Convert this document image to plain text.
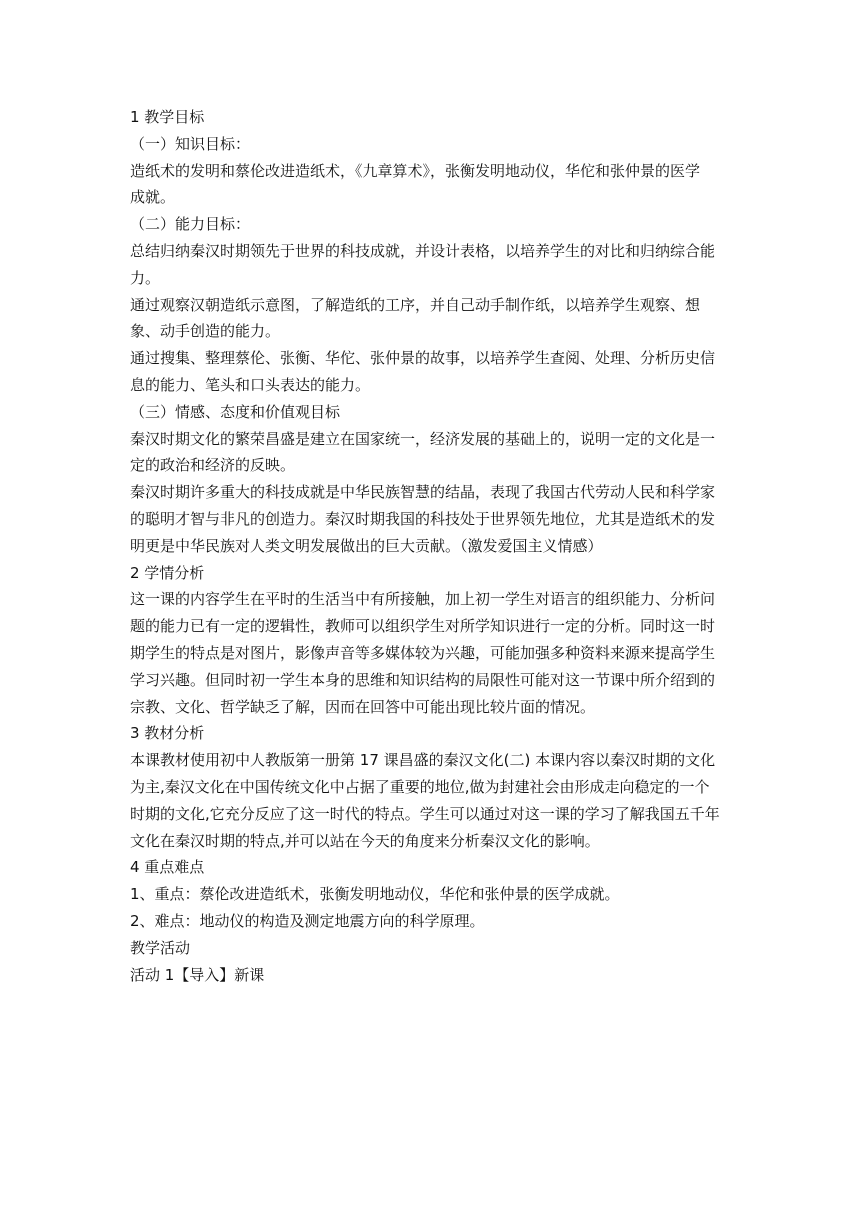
1 教学目标
（一）知识目标：
造纸术的发明和蔡伦改进造纸术，《九章算术》，张衡发明地动仪，华佗和张仲景的医学
成就。
（二）能力目标：
总结归纳秦汉时期领先于世界的科技成就，并设计表格，以培养学生的对比和归纳综合能
力。
通过观察汉朝造纸示意图，了解造纸的工序，并自己动手制作纸，以培养学生观察、想
象、动手创造的能力。
通过搜集、整理蔡伦、张衡、华佗、张仲景的故事，以培养学生查阅、处理、分析历史信
息的能力、笔头和口头表达的能力。
（三）情感、态度和价值观目标
秦汉时期文化的繁荣昌盛是建立在国家统一，经济发展的基础上的，说明一定的文化是一
定的政治和经济的反映。
秦汉时期许多重大的科技成就是中华民族智慧的结晶，表现了我国古代劳动人民和科学家
的聪明才智与非凡的创造力。秦汉时期我国的科技处于世界领先地位，尤其是造纸术的发
明更是中华民族对人类文明发展做出的巨大贡献。（激发爱国主义情感）
2 学情分析
这一课的内容学生在平时的生活当中有所接触，加上初一学生对语言的组织能力、分析问
题的能力已有一定的逻辑性，教师可以组织学生对所学知识进行一定的分析。同时这一时
期学生的特点是对图片，影像声音等多媒体较为兴趣，可能加强多种资料来源来提高学生
学习兴趣。但同时初一学生本身的思维和知识结构的局限性可能对这一节课中所介绍到的
宗教、文化、哲学缺乏了解，因而在回答中可能出现比较片面的情况。
3 教材分析
本课教材使用初中人教版第一册第 17 课昌盛的秦汉文化(二) 本课内容以秦汉时期的文化
为主,秦汉文化在中国传统文化中占据了重要的地位,做为封建社会由形成走向稳定的一个
时期的文化,它充分反应了这一时代的特点。学生可以通过对这一课的学习了解我国五千年
文化在秦汉时期的特点,并可以站在今天的角度来分析秦汉文化的影响。
4 重点难点
1、重点：蔡伦改进造纸术，张衡发明地动仪，华佗和张仲景的医学成就。
2、难点：地动仪的构造及测定地震方向的科学原理。
教学活动
活动 1【导入】新课
